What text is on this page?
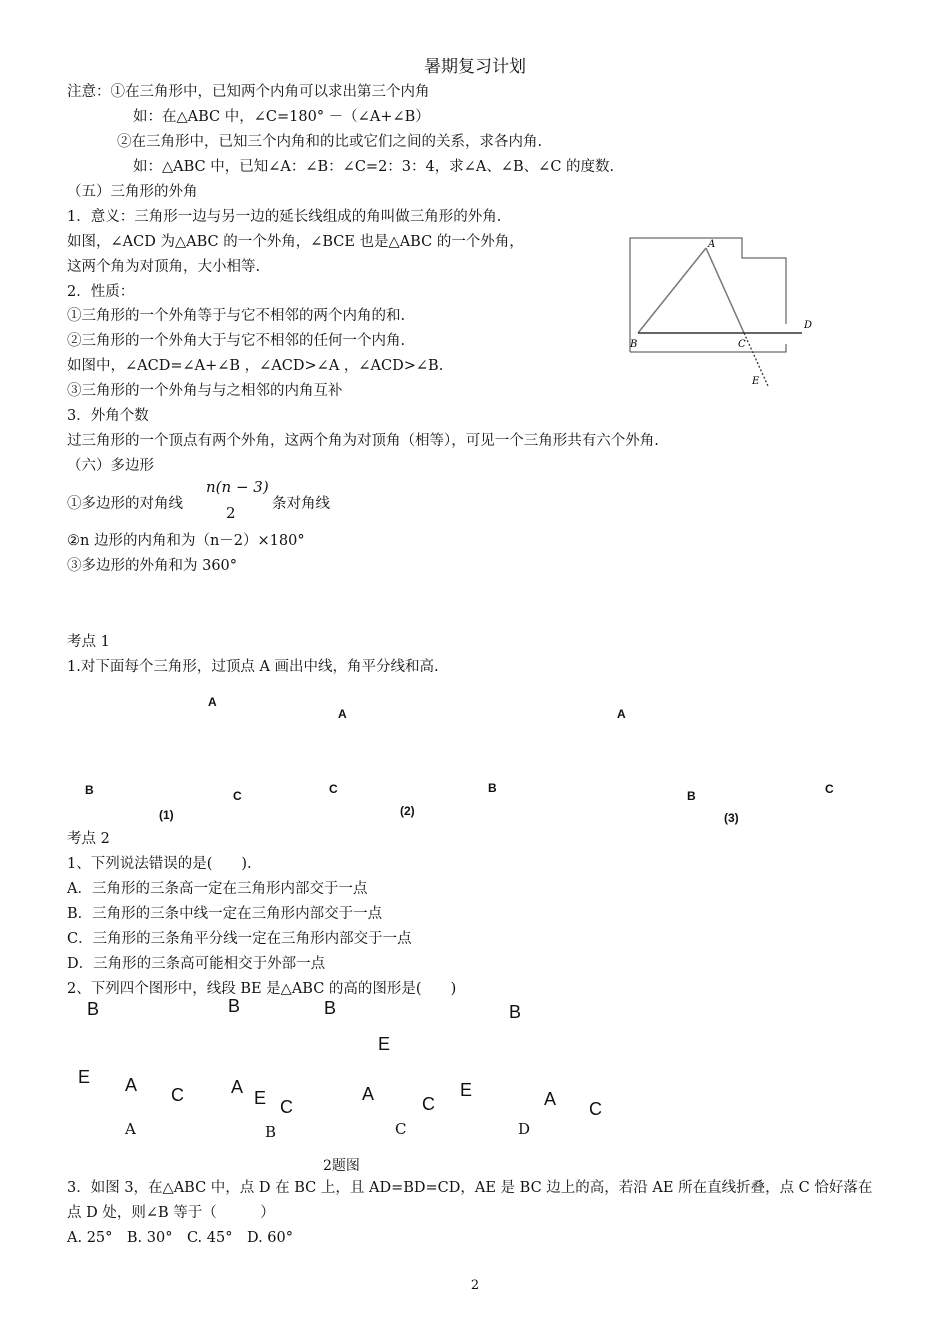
暑期复习计划
注意：①在三角形中，已知两个内角可以求出第三个内角
如：在△ABC 中，∠C=180° －（∠A+∠B）
②在三角形中，已知三个内角和的比或它们之间的关系，求各内角.
如：△ABC 中，已知∠A：∠B：∠C=2：3：4，求∠A、∠B、∠C 的度数.
（五）三角形的外角
1．意义：三角形一边与另一边的延长线组成的角叫做三角形的外角.
如图，∠ACD 为△ABC 的一个外角，∠BCE 也是△ABC 的一个外角，
这两个角为对顶角，大小相等.
2．性质：
①三角形的一个外角等于与它不相邻的两个内角的和.
②三角形的一个外角大于与它不相邻的任何一个内角.
如图中，∠ACD=∠A+∠B ，∠ACD>∠A ，∠ACD>∠B.
③三角形的一个外角与与之相邻的内角互补
3．外角个数
过三角形的一个顶点有两个外角，这两个角为对顶角（相等），可见一个三角形共有六个外角.
A
B	C
D
E
（六）多边形
①多边形的对角线
n(n − 3)
2	条对角线
②n 边形的内角和为（n－2）×180°
③多边形的外角和为 360°
考点 1
1.对下面每个三角形，过顶点 A 画出中线，角平分线和高.
A
B	C
(1)
A
B
C
(2)
A
B	C
(3)
考点 2
1、下列说法错误的是(　　).
A．三角形的三条高一定在三角形内部交于一点
B．三角形的三条中线一定在三角形内部交于一点
C．三角形的三条角平分线一定在三角形内部交于一点
D．三角形的三条高可能相交于外部一点
2、下列四个图形中，线段 BE 是△ABC 的高的图形是(　　)
B
E A C
A
B
A
E C
B
B
E
A	C
C
B
E	A C
D
2题图
3．如图 3，在△ABC 中，点 D 在 BC 上，且 AD=BD=CD，AE 是 BC 边上的高，若沿 AE 所在直线折叠，点 C 恰好落在
点 D 处，则∠B 等于（　　　）
A. 25°　B. 30°　C. 45°　D. 60°
2
